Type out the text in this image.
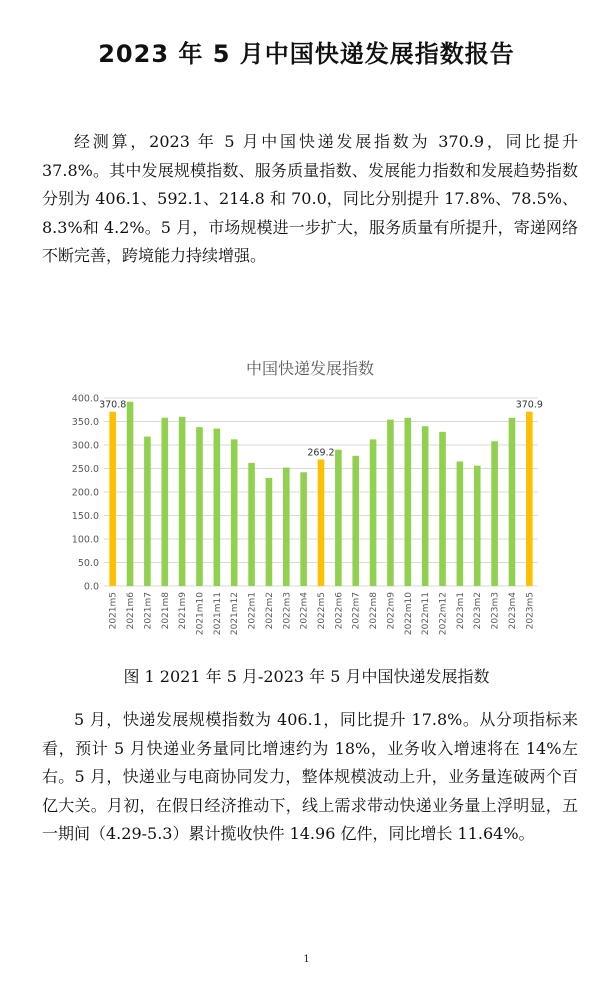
2023 年 5 月中国快递发展指数报告

经测算，2023 年 5 月中国快递发展指数为 370.9，同比提升 37.8%。其中发展规模指数、服务质量指数、发展能力指数和发展趋势指数分别为 406.1、592.1、214.8 和 70.0，同比分别提升 17.8%、78.5%、8.3%和 4.2%。5 月，市场规模进一步扩大，服务质量有所提升，寄递网络不断完善，跨境能力持续增强。

中国快递发展指数
0.0
50.0
100.0
150.0
200.0
250.0
300.0
350.0
400.0
370.8
2021m5 2021m6 2021m7 2021m8 2021m9 2021m10 2021m11 2021m12 2022m1 2022m2 2022m3 2022m4
269.2
2022m5 2022m6 2022m7 2022m8 2022m9 2022m10 2022m11 2022m12 2023m1 2023m2 2023m3 2023m4
370.9
2023m5

图 1 2021 年 5 月-2023 年 5 月中国快递发展指数

5 月，快递发展规模指数为 406.1，同比提升 17.8%。从分项指标来看，预计 5 月快递业务量同比增速约为 18%，业务收入增速将在 14%左右。5 月，快递业与电商协同发力，整体规模波动上升，业务量连破两个百亿大关。月初，在假日经济推动下，线上需求带动快递业务量上浮明显，五一期间（4.29-5.3）累计揽收快件 14.96 亿件，同比增长 11.64%。

1
